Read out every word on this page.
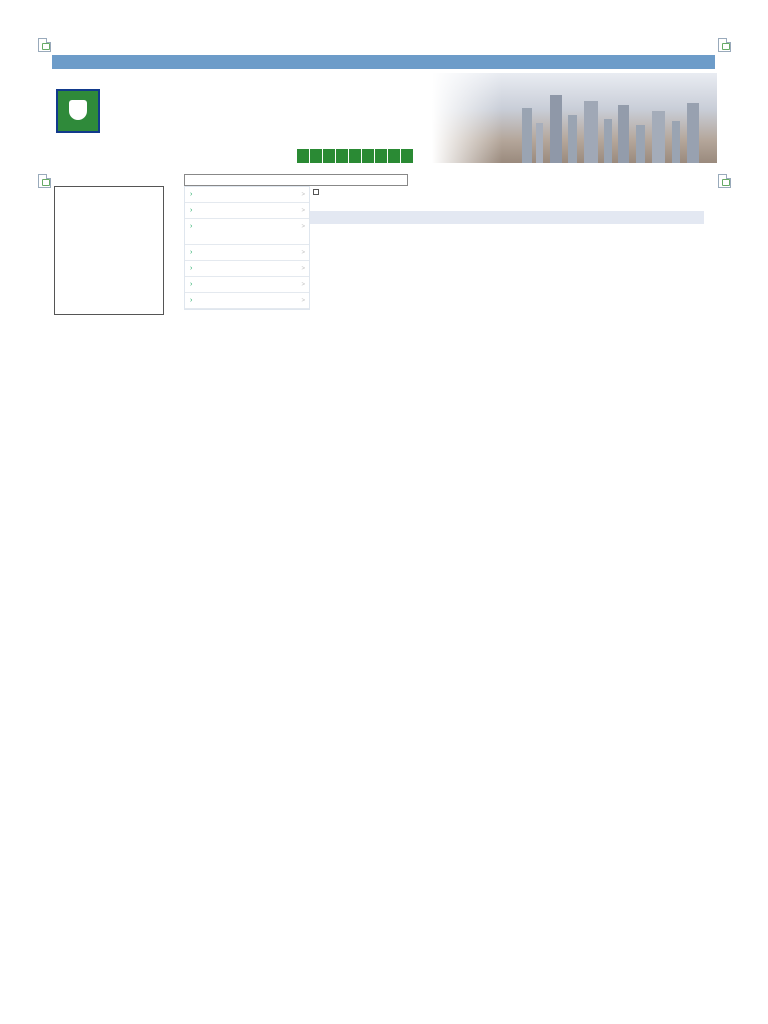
›	>
›	>
›	>
›	>
›	>
›	>
›	>
